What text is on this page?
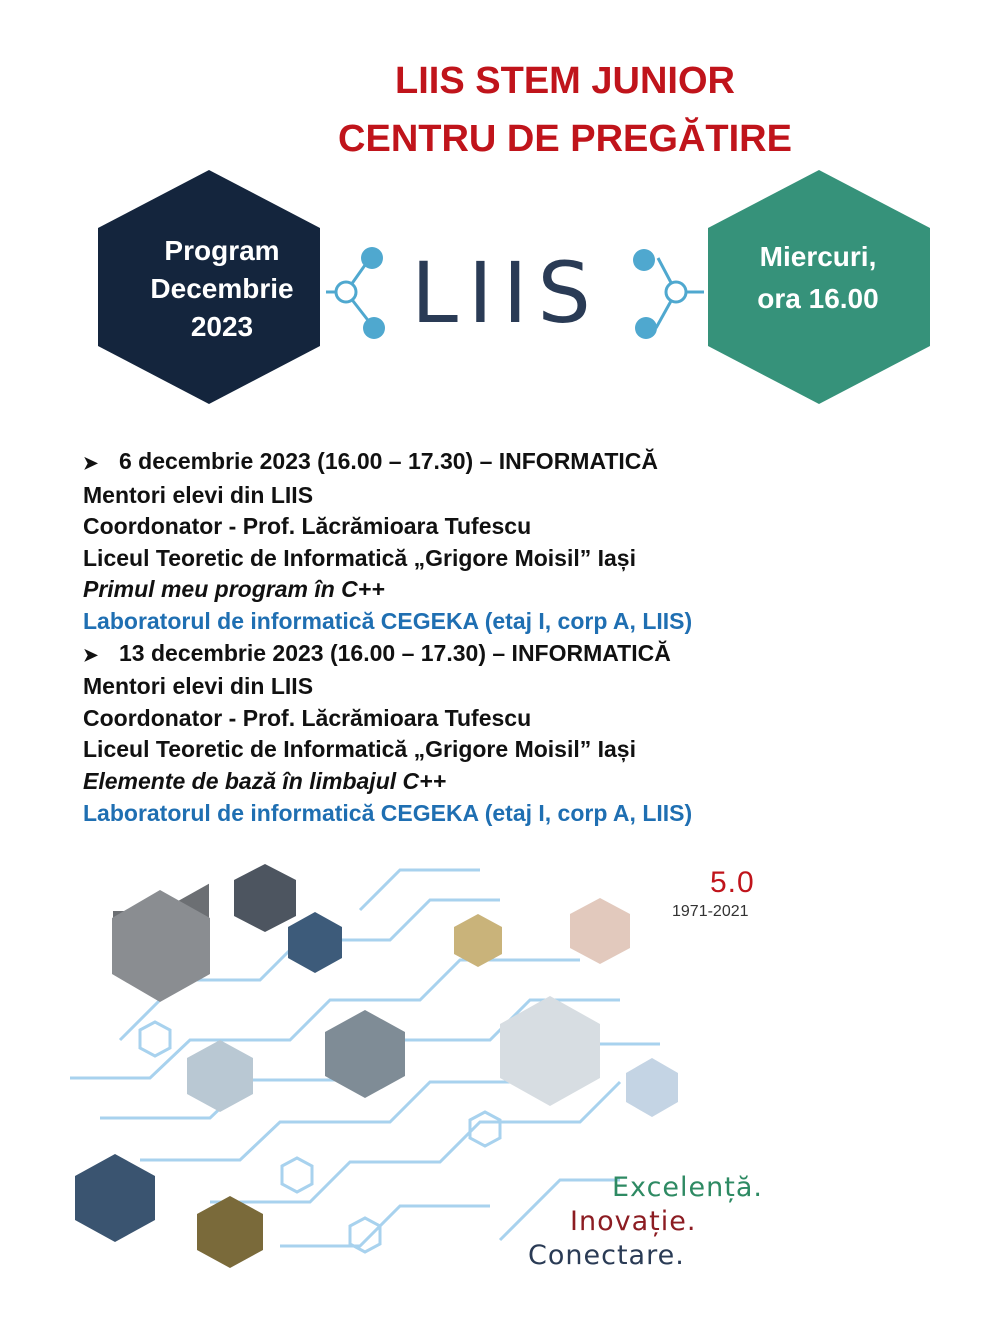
LIIS STEM JUNIOR
CENTRU DE PREGĂTIRE
Program
Decembrie
2023
Miercuri,
ora 16.00
LIIS
➤ 6 decembrie 2023 (16.00 – 17.30) – INFORMATICĂ
Mentori elevi din LIIS
Coordonator - Prof. Lăcrămioara Tufescu
Liceul Teoretic de Informatică „Grigore Moisil” Iași
Primul meu program în C++
Laboratorul de informatică CEGEKA (etaj I, corp A, LIIS)
➤ 13 decembrie 2023 (16.00 – 17.30) – INFORMATICĂ
Mentori elevi din LIIS
Coordonator - Prof. Lăcrămioara Tufescu
Liceul Teoretic de Informatică „Grigore Moisil” Iași
Elemente de bază în limbajul C++
Laboratorul de informatică CEGEKA (etaj I, corp A, LIIS)
5.0
1971-2021
Excelență.
Inovație.
Conectare.
